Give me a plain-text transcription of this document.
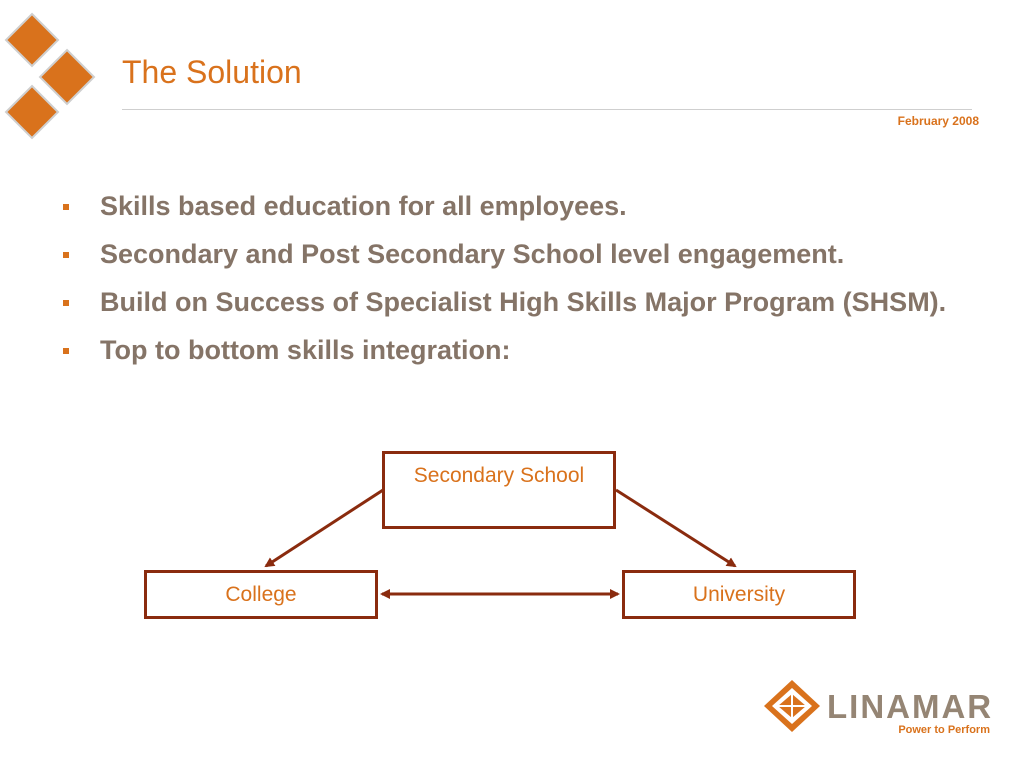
The Solution
February 2008
Skills based education for all employees.
Secondary and Post Secondary School level engagement.
Build on Success of Specialist High Skills Major Program (SHSM).
Top to bottom skills integration:
Secondary School
College	University
LINAMAR
Power to Perform
